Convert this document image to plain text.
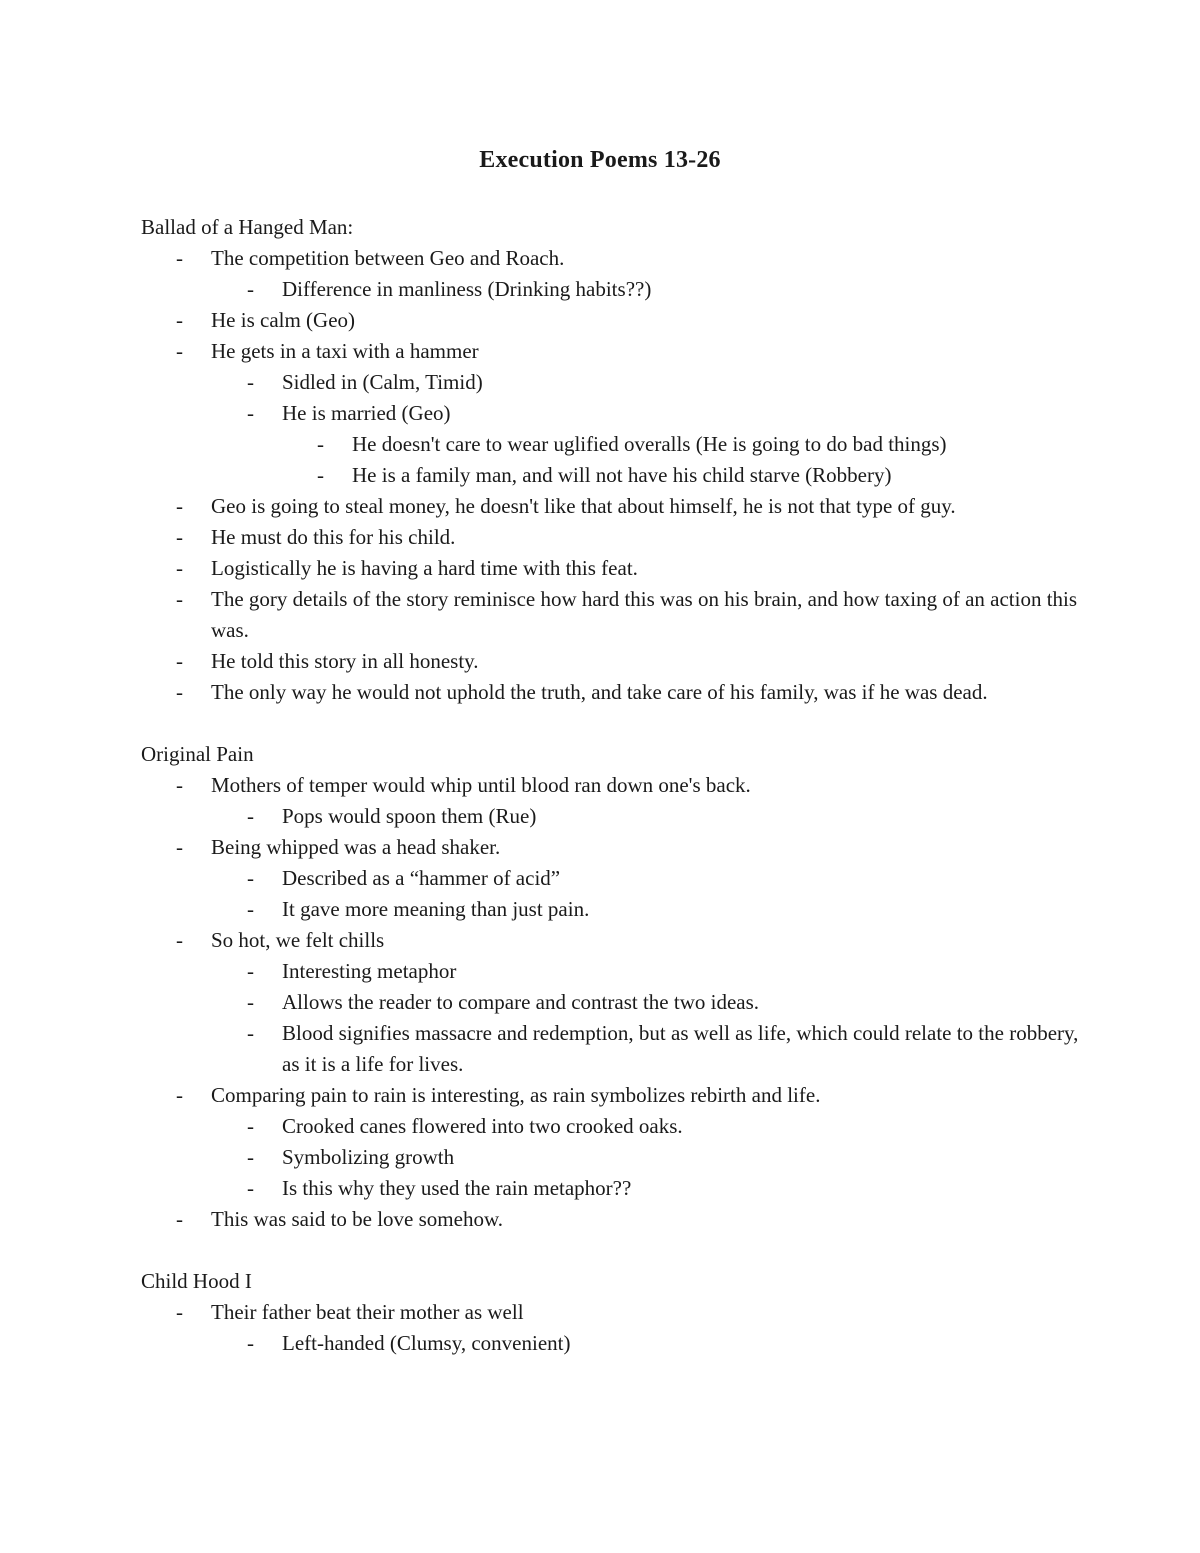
Execution Poems 13-26

Ballad of a Hanged Man:

- The competition between Geo and Roach.
- Difference in manliness (Drinking habits??)
- He is calm (Geo)
- He gets in a taxi with a hammer
- Sidled in (Calm, Timid)
- He is married (Geo)
- He doesn't care to wear uglified overalls (He is going to do bad things)
- He is a family man, and will not have his child starve (Robbery)
- Geo is going to steal money, he doesn't like that about himself, he is not that type of guy.
- He must do this for his child.
- Logistically he is having a hard time with this feat.
- The gory details of the story reminisce how hard this was on his brain, and how taxing of an action this was.
- He told this story in all honesty.
- The only way he would not uphold the truth, and take care of his family, was if he was dead.

Original Pain

- Mothers of temper would whip until blood ran down one's back.
- Pops would spoon them (Rue)
- Being whipped was a head shaker.
- Described as a “hammer of acid”
- It gave more meaning than just pain.
- So hot, we felt chills
- Interesting metaphor
- Allows the reader to compare and contrast the two ideas.
- Blood signifies massacre and redemption, but as well as life, which could relate to the robbery, as it is a life for lives.
- Comparing pain to rain is interesting, as rain symbolizes rebirth and life.
- Crooked canes flowered into two crooked oaks.
- Symbolizing growth
- Is this why they used the rain metaphor??
- This was said to be love somehow.

Child Hood I

- Their father beat their mother as well
- Left-handed (Clumsy, convenient)
